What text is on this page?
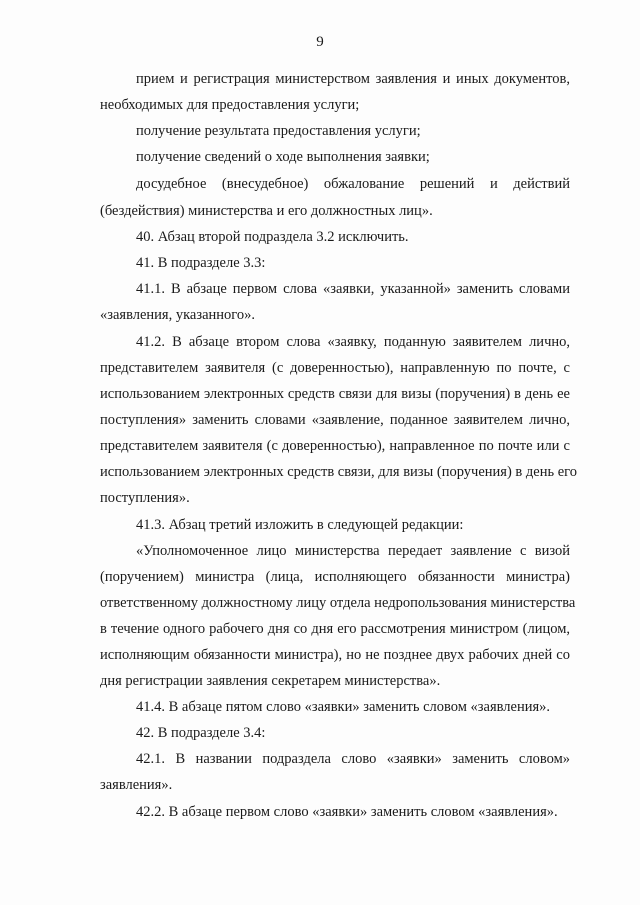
9
прием и регистрация министерством заявления и иных документов,
необходимых для предоставления услуги;
получение результата предоставления услуги;
получение сведений о ходе выполнения заявки;
досудебное (внесудебное) обжалование решений и действий
(бездействия) министерства и его должностных лиц».
40. Абзац второй подраздела 3.2 исключить.
41. В подразделе 3.3:
41.1. В абзаце первом слова «заявки, указанной» заменить словами
«заявления, указанного».
41.2. В абзаце втором слова «заявку, поданную заявителем лично,
представителем заявителя (с доверенностью), направленную по почте, с
использованием электронных средств связи для визы (поручения) в день ее
поступления» заменить словами «заявление, поданное заявителем лично,
представителем заявителя (с доверенностью), направленное по почте или с
использованием электронных средств связи, для визы (поручения) в день его
поступления».
41.3. Абзац третий изложить в следующей редакции:
«Уполномоченное лицо министерства передает заявление с визой
(поручением) министра (лица, исполняющего обязанности министра)
ответственному должностному лицу отдела недропользования министерства
в течение одного рабочего дня со дня его рассмотрения министром (лицом,
исполняющим обязанности министра), но не позднее двух рабочих дней со
дня регистрации заявления секретарем министерства».
41.4. В абзаце пятом слово «заявки» заменить словом «заявления».
42. В подразделе 3.4:
42.1. В названии подраздела слово «заявки» заменить словом»
заявления».
42.2. В абзаце первом слово «заявки» заменить словом «заявления».
